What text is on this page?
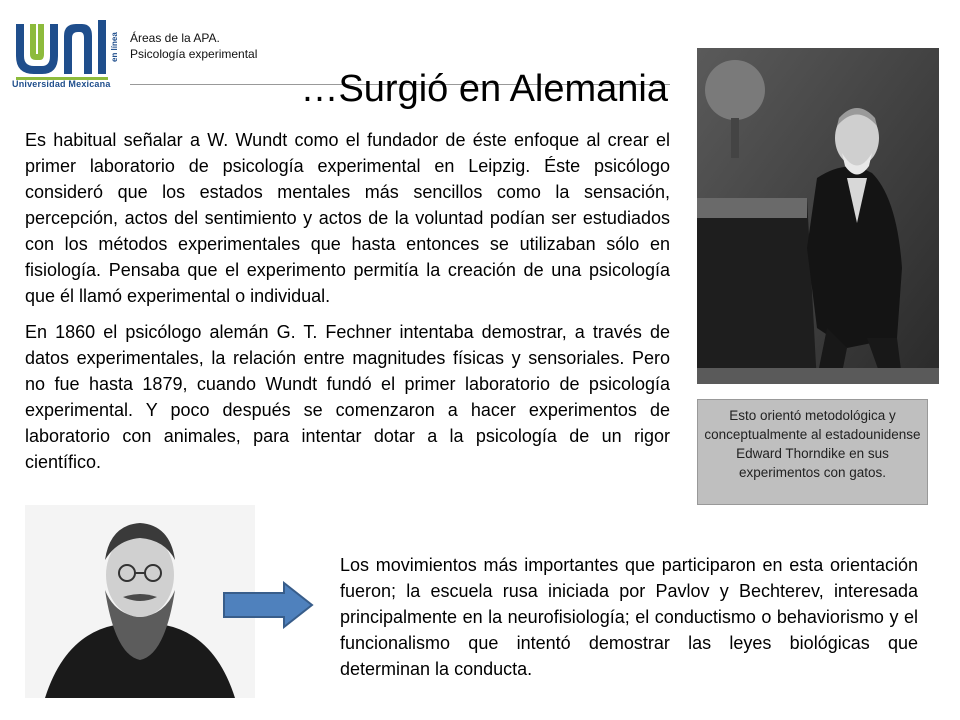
en línea
Universidad Mexicana
Áreas de la APA.
Psicología experimental
…Surgió en Alemania

Es habitual señalar a W. Wundt como el fundador de éste enfoque al crear el primer laboratorio de psicología experimental en Leipzig. Éste psicólogo consideró que los estados mentales más sencillos como la sensación, percepción, actos del sentimiento y actos de la voluntad podían ser estudiados con los métodos experimentales que hasta entonces se utilizaban sólo en fisiología. Pensaba que el experimento permitía la creación de una psicología que él llamó experimental o individual.

En 1860 el psicólogo alemán G. T. Fechner intentaba demostrar, a través de datos experimentales, la relación entre magnitudes físicas y sensoriales. Pero no fue hasta 1879, cuando Wundt fundó el primer laboratorio de psicología experimental. Y poco después se comenzaron a hacer experimentos de laboratorio con animales, para intentar dotar a la psicología de un rigor científico.

Esto orientó metodológica y conceptualmente al estadounidense Edward Thorndike en sus experimentos con gatos.
Los movimientos más importantes que participaron en esta orientación fueron; la escuela rusa iniciada por Pavlov y Bechterev, interesada principalmente en la neurofisiología; el conductismo o behaviorismo y el funcionalismo que intentó demostrar las leyes biológicas que determinan la conducta.
